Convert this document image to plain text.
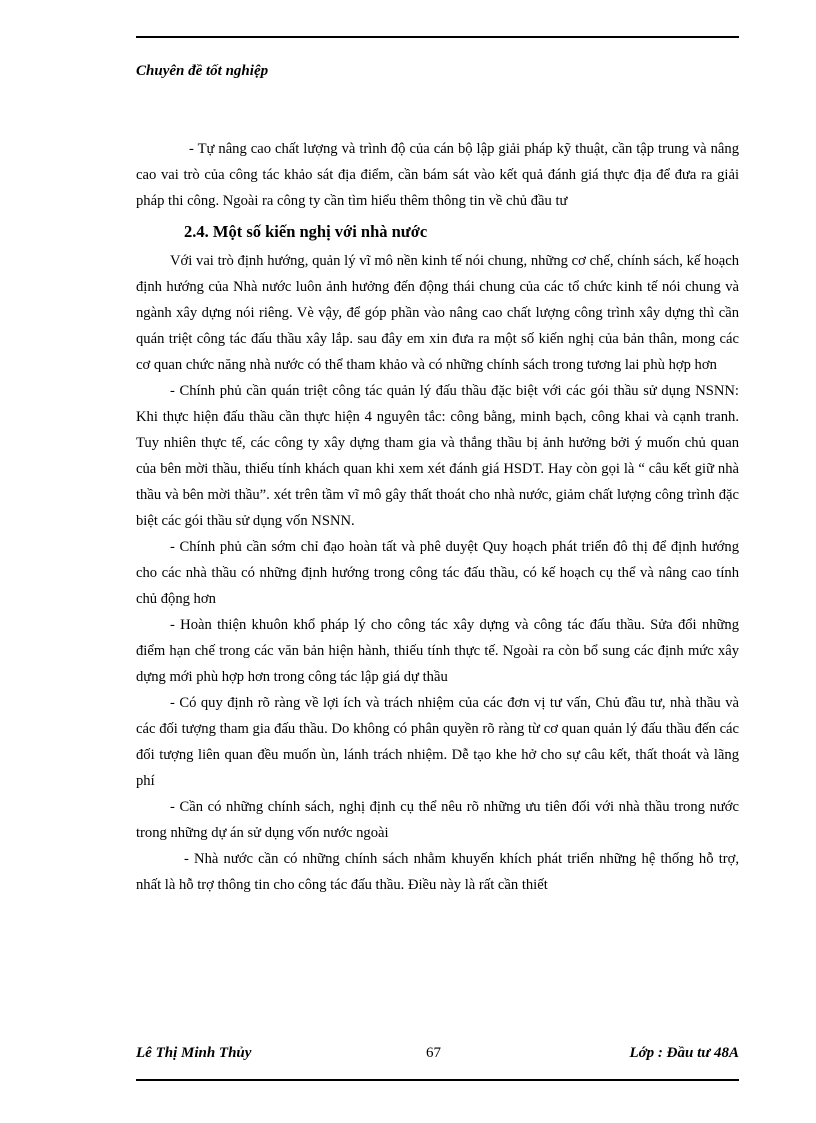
Chuyên đề tốt nghiệp

- Tự nâng cao chất lượng và trình độ của cán bộ lập giải pháp kỹ thuật, cần tập trung và nâng cao vai trò của công tác khảo sát địa điểm, cần bám sát vào kết quả đánh giá thực địa để đưa ra giải pháp thi công. Ngoài ra công ty cần tìm hiểu thêm thông tin về chủ đầu tư

2.4. Một số kiến nghị với nhà nước

Với vai trò định hướng, quản lý vĩ mô nền kinh tế nói chung, những cơ chế, chính sách, kế hoạch định hướng của Nhà nước luôn ảnh hưởng đến động thái chung của các tổ chức kinh tế nói chung và ngành xây dựng nói riêng. Vè vậy, để góp phần vào nâng cao chất lượng công trình xây dựng thì cần quán triệt công tác đấu thầu xây lắp. sau đây em xin đưa ra một số kiến nghị của bản thân, mong các cơ quan chức năng nhà nước có thể tham khảo và có những chính sách trong tương lai phù hợp hơn

- Chính phủ cần quán triệt công tác quản lý đấu thầu đặc biệt với các gói thầu sử dụng NSNN: Khi thực hiện đấu thầu cần thực hiện 4 nguyên tắc: công bằng, minh bạch, công khai và cạnh tranh. Tuy nhiên thực tế, các công ty xây dựng tham gia và thắng thầu bị ảnh hưởng bởi ý muốn chủ quan của bên mời thầu, thiếu tính khách quan khi xem xét đánh giá HSDT. Hay còn gọi là “ câu kết giữ nhà thầu và bên mời thầu”. xét trên tầm vĩ mô gây thất thoát cho nhà nước, giảm chất lượng công trình đặc biệt các gói thầu sử dụng vốn NSNN.

- Chính phủ cần sớm chỉ đạo hoàn tất và phê duyệt Quy hoạch phát triển đô thị để định hướng cho các nhà thầu có những định hướng trong công tác đấu thầu, có kế hoạch cụ thể và nâng cao tính chủ động hơn

- Hoàn thiện khuôn khổ pháp lý cho công tác xây dựng và công tác đấu thầu. Sửa đổi những điểm hạn chế trong các văn bản hiện hành, thiếu tính thực tế. Ngoài ra còn bổ sung các định mức xây dựng mới phù hợp hơn trong công tác lập giá dự thầu

- Có quy định rõ ràng về lợi ích và trách nhiệm của các đơn vị tư vấn, Chủ đầu tư, nhà thầu và các đối tượng tham gia đấu thầu. Do không có phân quyền rõ ràng từ cơ quan quản lý đấu thầu đến các đối tượng liên quan đều muốn ùn, lánh trách nhiệm. Dễ tạo khe hở cho sự câu kết, thất thoát và lãng phí

- Cần có những chính sách, nghị định cụ thể nêu rõ những ưu tiên đối với nhà thầu trong nước trong những dự án sử dụng vốn nước ngoài

- Nhà nước cần có những chính sách nhằm khuyến khích phát triển những hệ thống hỗ trợ, nhất là hỗ trợ thông tin cho công tác đấu thầu. Điều này là rất cần thiết

Lê Thị Minh Thủy	67	Lớp : Đầu tư 48A
